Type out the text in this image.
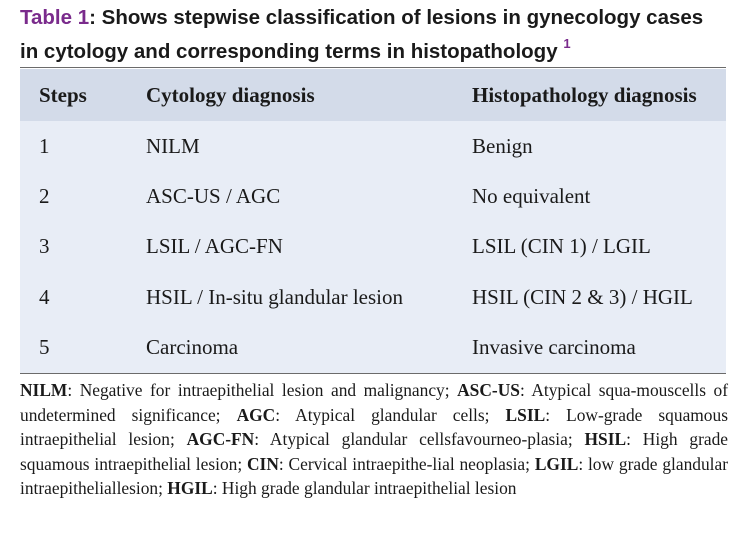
Table 1: Shows stepwise classification of lesions in gynecology cases in cytology and corresponding terms in histopathology $^1$
Steps	Cytology diagnosis	Histopathology diagnosis
1	NILM	Benign
2	ASC-US / AGC	No equivalent
3	LSIL / AGC-FN	LSIL (CIN 1) / LGIL
4	HSIL / In-situ glandular lesion	HSIL (CIN 2 & 3) / HGIL
5	Carcinoma	Invasive carcinoma
NILM: Negative for intraepithelial lesion and malignancy; ASC-US: Atypical squa-mouscells of undetermined significance; AGC: Atypical glandular cells; LSIL: Low-grade squamous intraepithelial lesion; AGC-FN: Atypical glandular cellsfavourneo-plasia; HSIL: High grade squamous intraepithelial lesion; CIN: Cervical intraepithe-lial neoplasia; LGIL: low grade glandular intraepitheliallesion; HGIL: High grade glandular intraepithelial lesion
